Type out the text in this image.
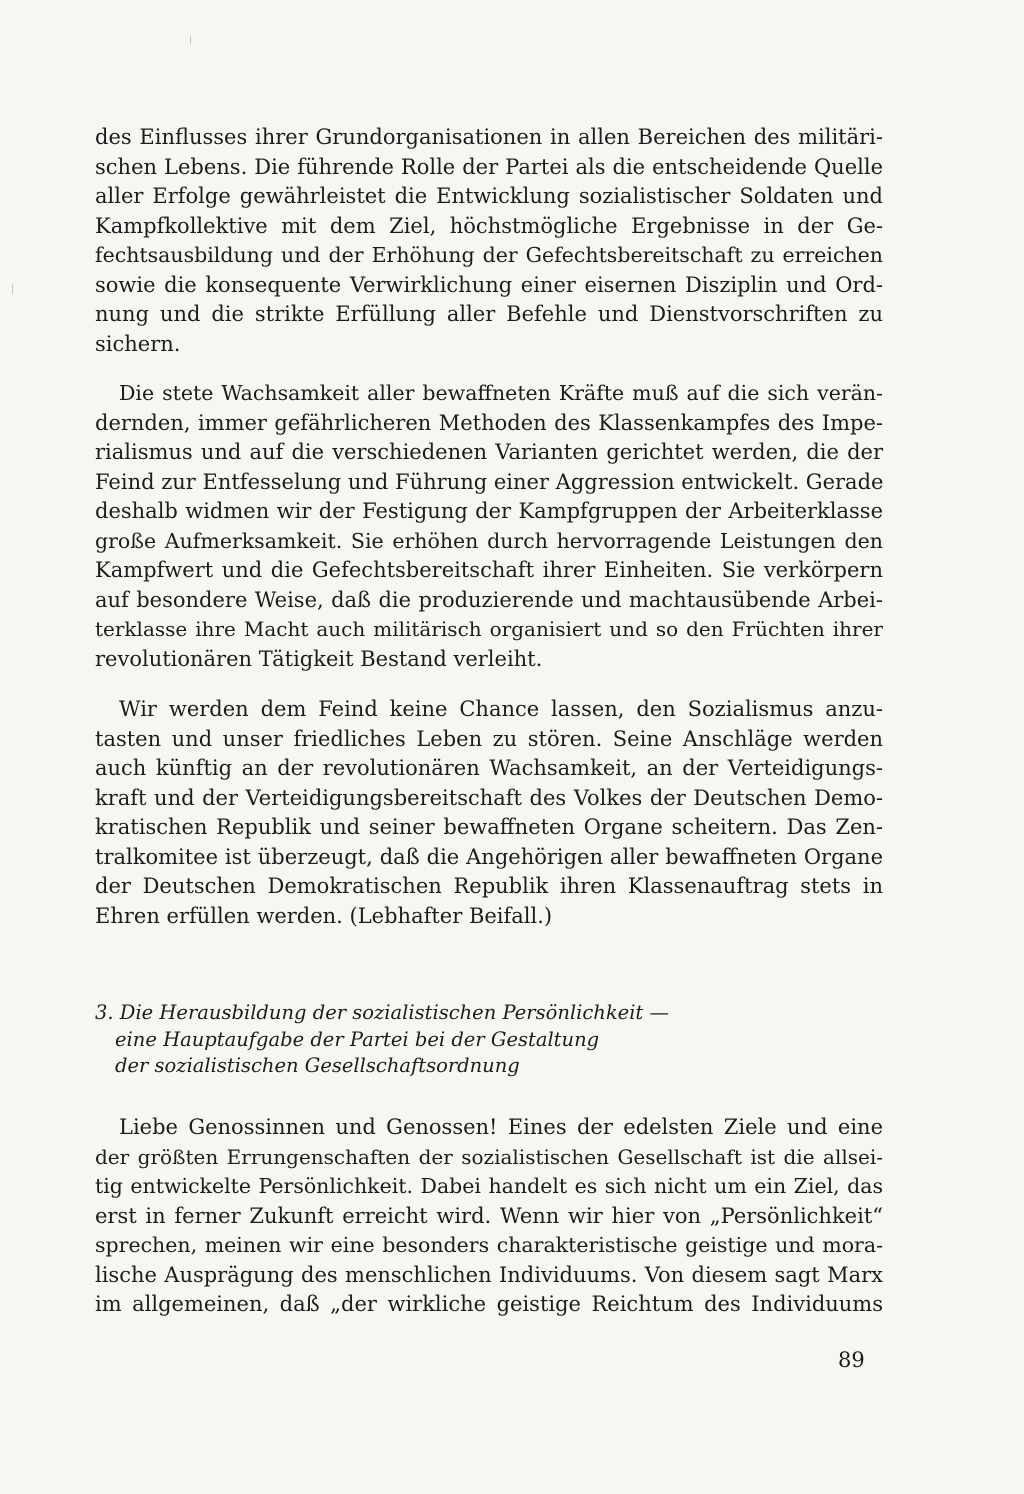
des Einflusses ihrer Grundorganisationen in allen Bereichen des militäri-
schen Lebens. Die führende Rolle der Partei als die entscheidende Quelle
aller Erfolge gewährleistet die Entwicklung sozialistischer Soldaten und
Kampfkollektive mit dem Ziel, höchstmögliche Ergebnisse in der Ge-
fechtsausbildung und der Erhöhung der Gefechtsbereitschaft zu erreichen
sowie die konsequente Verwirklichung einer eisernen Disziplin und Ord-
nung und die strikte Erfüllung aller Befehle und Dienstvorschriften zu
sichern.
Die stete Wachsamkeit aller bewaffneten Kräfte muß auf die sich verän-
dernden, immer gefährlicheren Methoden des Klassenkampfes des Impe-
rialismus und auf die verschiedenen Varianten gerichtet werden, die der
Feind zur Entfesselung und Führung einer Aggression entwickelt. Gerade
deshalb widmen wir der Festigung der Kampfgruppen der Arbeiterklasse
große Aufmerksamkeit. Sie erhöhen durch hervorragende Leistungen den
Kampfwert und die Gefechtsbereitschaft ihrer Einheiten. Sie verkörpern
auf besondere Weise, daß die produzierende und machtausübende Arbei-
terklasse ihre Macht auch militärisch organisiert und so den Früchten ihrer
revolutionären Tätigkeit Bestand verleiht.
Wir werden dem Feind keine Chance lassen, den Sozialismus anzu-
tasten und unser friedliches Leben zu stören. Seine Anschläge werden
auch künftig an der revolutionären Wachsamkeit, an der Verteidigungs-
kraft und der Verteidigungsbereitschaft des Volkes der Deutschen Demo-
kratischen Republik und seiner bewaffneten Organe scheitern. Das Zen-
tralkomitee ist überzeugt, daß die Angehörigen aller bewaffneten Organe
der Deutschen Demokratischen Republik ihren Klassenauftrag stets in
Ehren erfüllen werden. (Lebhafter Beifall.)
3. Die Herausbildung der sozialistischen Persönlichkeit —
eine Hauptaufgabe der Partei bei der Gestaltung
der sozialistischen Gesellschaftsordnung
Liebe Genossinnen und Genossen! Eines der edelsten Ziele und eine
der größten Errungenschaften der sozialistischen Gesellschaft ist die allsei-
tig entwickelte Persönlichkeit. Dabei handelt es sich nicht um ein Ziel, das
erst in ferner Zukunft erreicht wird. Wenn wir hier von „Persönlichkeit“
sprechen, meinen wir eine besonders charakteristische geistige und mora-
lische Ausprägung des menschlichen Individuums. Von diesem sagt Marx
im allgemeinen, daß „der wirkliche geistige Reichtum des Individuums
89
